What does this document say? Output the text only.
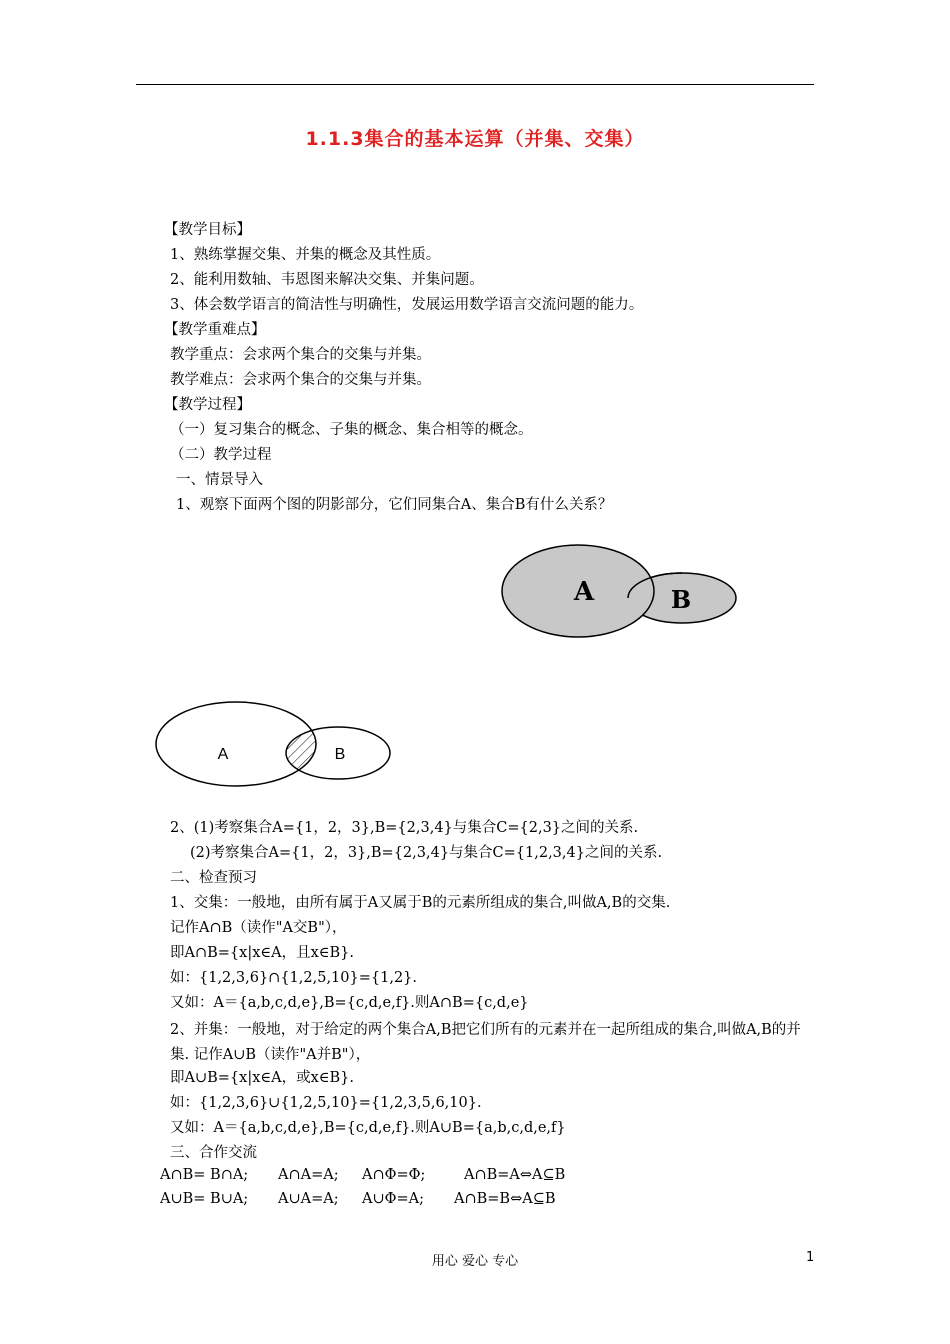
1.1.3集合的基本运算（并集、交集）
【教学目标】
1、熟练掌握交集、并集的概念及其性质。
2、能利用数轴、韦恩图来解决交集、并集问题。
3、体会数学语言的简洁性与明确性，发展运用数学语言交流问题的能力。
【教学重难点】
教学重点：会求两个集合的交集与并集。
教学难点：会求两个集合的交集与并集。
【教学过程】
（一）复习集合的概念、子集的概念、集合相等的概念。
（二）教学过程
一、情景导入
1、观察下面两个图的阴影部分，它们同集合A、集合B有什么关系？
A	B
A	B
2、(1)考察集合A={1，2，3},B={2,3,4}与集合C={2,3}之间的关系.
(2)考察集合A={1，2，3},B={2,3,4}与集合C={1,2,3,4}之间的关系.
二、检查预习
1、交集：一般地，由所有属于A又属于B的元素所组成的集合,叫做A,B的交集.
记作A∩B（读作"A交B"），
即A∩B={x|x∈A，且x∈B}.
如：{1,2,3,6}∩{1,2,5,10}={1,2}.
又如：A＝{a,b,c,d,e},B={c,d,e,f}.则A∩B={c,d,e}
2、并集：一般地，对于给定的两个集合A,B把它们所有的元素并在一起所组成的集合,叫做A,B的并集. 记作A∪B（读作"A并B"），
即A∪B={x|x∈A，或x∈B}.
如：{1,2,3,6}∪{1,2,5,10}={1,2,3,5,6,10}.
又如：A＝{a,b,c,d,e},B={c,d,e,f}.则A∪B={a,b,c,d,e,f}
三、合作交流
A∩B= B∩A; A∩A=A; A∩Φ=Φ;	A∩B=A⇔A⊆B
A∪B= B∪A; A∪A=A; A∪Φ=A; A∩B=B⇔A⊆B
用心 爱心 专心	1
